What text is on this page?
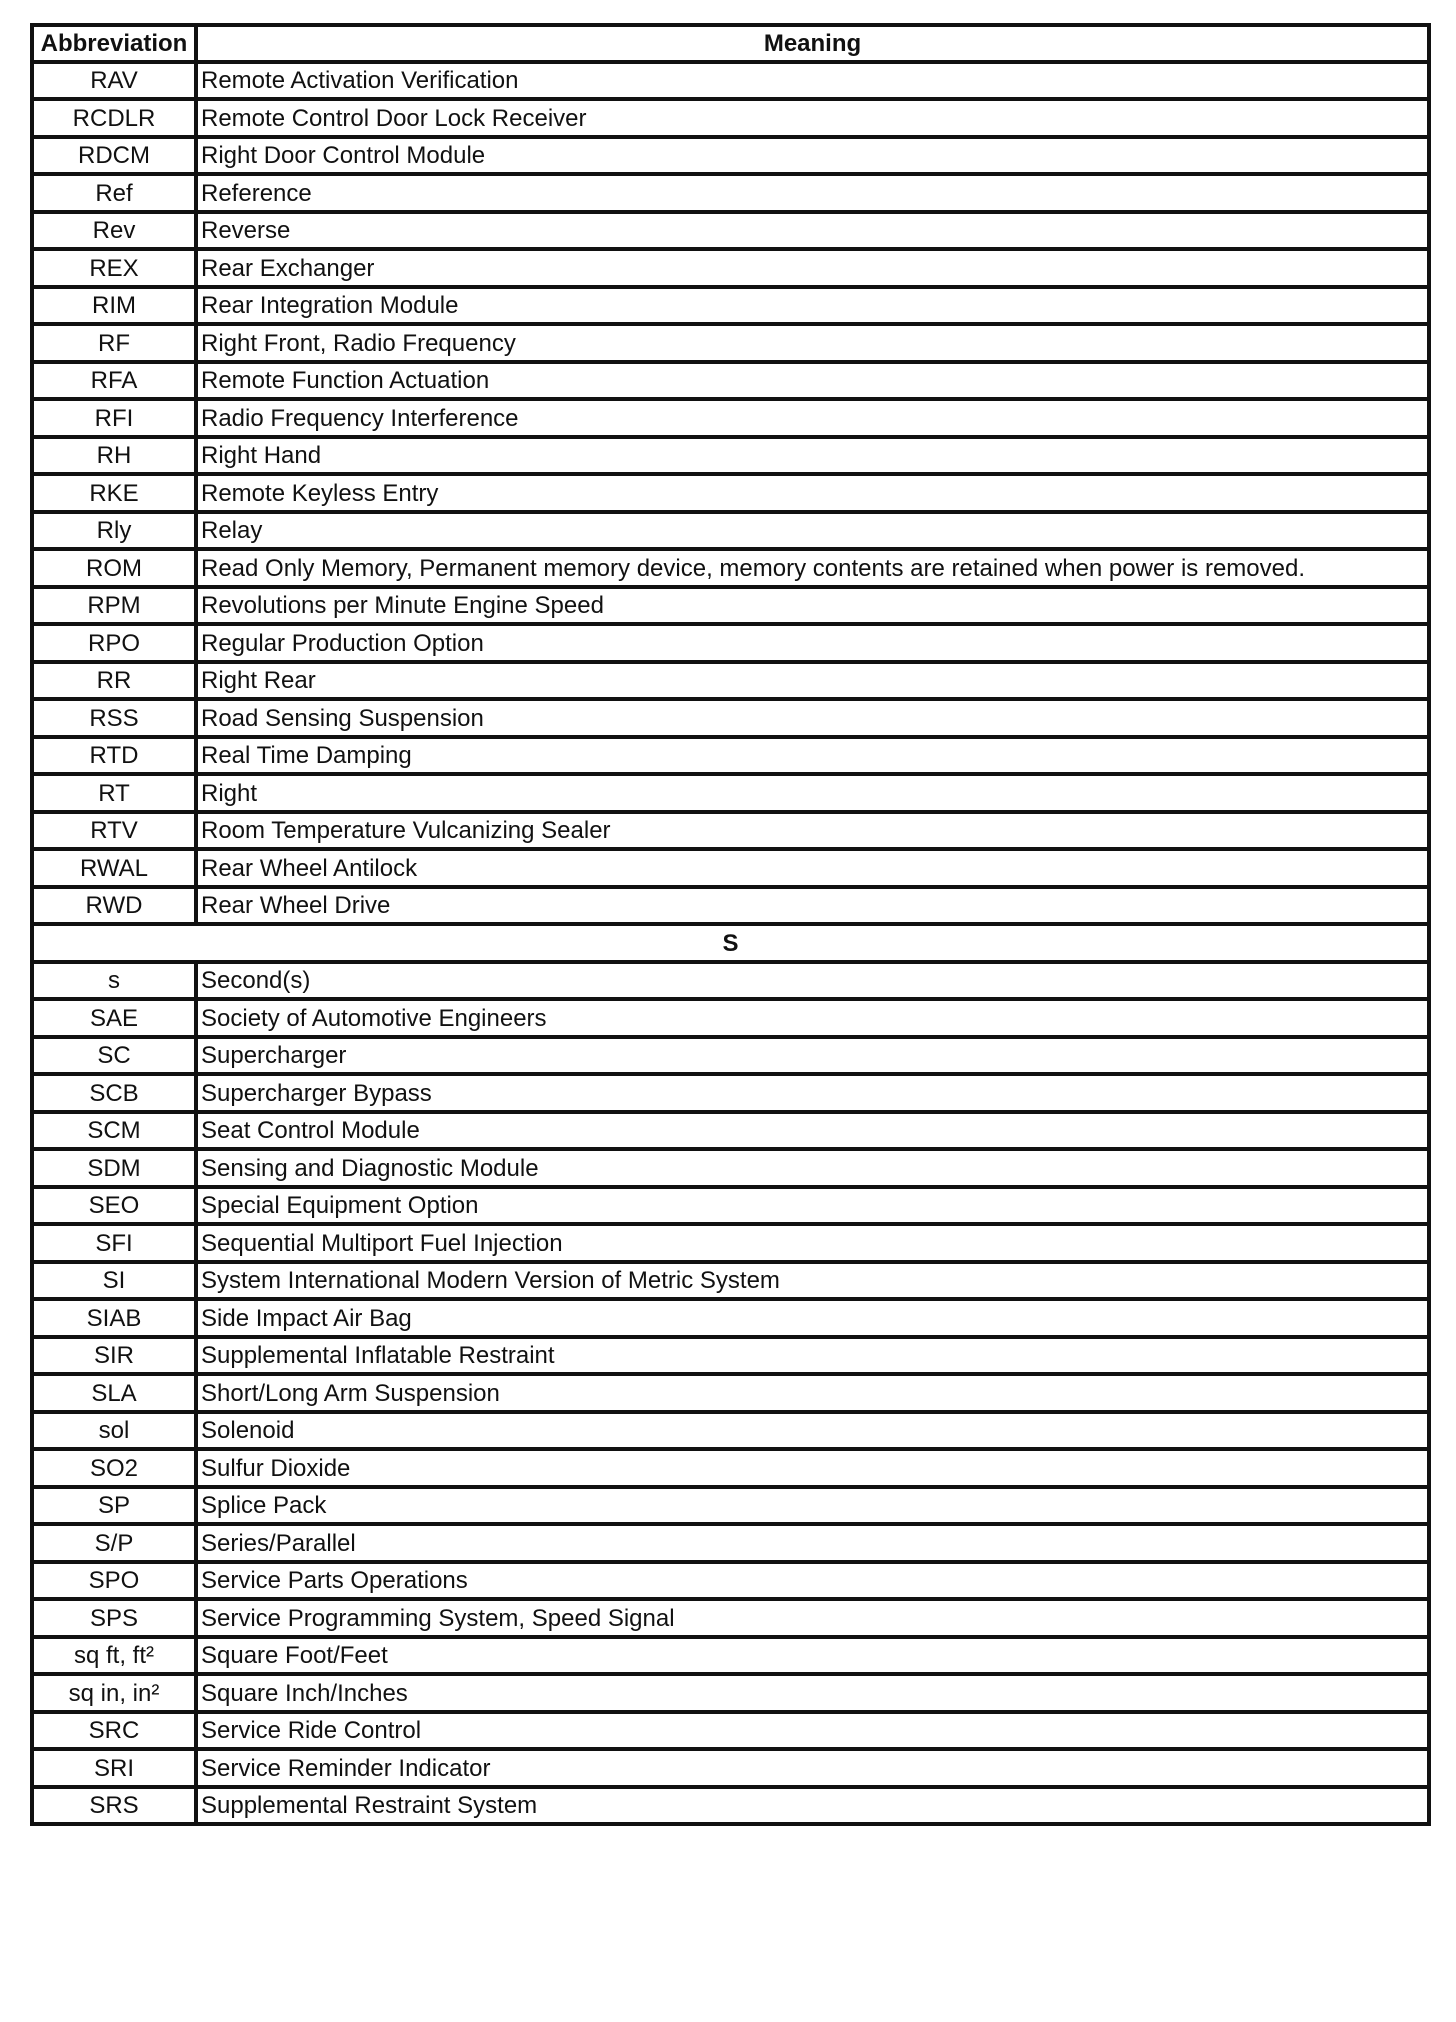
Abbreviation	Meaning
RAV	Remote Activation Verification
RCDLR	Remote Control Door Lock Receiver
RDCM	Right Door Control Module
Ref	Reference
Rev	Reverse
REX	Rear Exchanger
RIM	Rear Integration Module
RF	Right Front, Radio Frequency
RFA	Remote Function Actuation
RFI	Radio Frequency Interference
RH	Right Hand
RKE	Remote Keyless Entry
Rly	Relay
ROM	Read Only Memory, Permanent memory device, memory contents are retained when power is removed.
RPM	Revolutions per Minute Engine Speed
RPO	Regular Production Option
RR	Right Rear
RSS	Road Sensing Suspension
RTD	Real Time Damping
RT	Right
RTV	Room Temperature Vulcanizing Sealer
RWAL	Rear Wheel Antilock
RWD	Rear Wheel Drive
S	
s	Second(s)
SAE	Society of Automotive Engineers
SC	Supercharger
SCB	Supercharger Bypass
SCM	Seat Control Module
SDM	Sensing and Diagnostic Module
SEO	Special Equipment Option
SFI	Sequential Multiport Fuel Injection
SI	System International Modern Version of Metric System
SIAB	Side Impact Air Bag
SIR	Supplemental Inflatable Restraint
SLA	Short/Long Arm Suspension
sol	Solenoid
SO2	Sulfur Dioxide
SP	Splice Pack
S/P	Series/Parallel
SPO	Service Parts Operations
SPS	Service Programming System, Speed Signal
sq ft, ft²	Square Foot/Feet
sq in, in²	Square Inch/Inches
SRC	Service Ride Control
SRI	Service Reminder Indicator
SRS	Supplemental Restraint System
